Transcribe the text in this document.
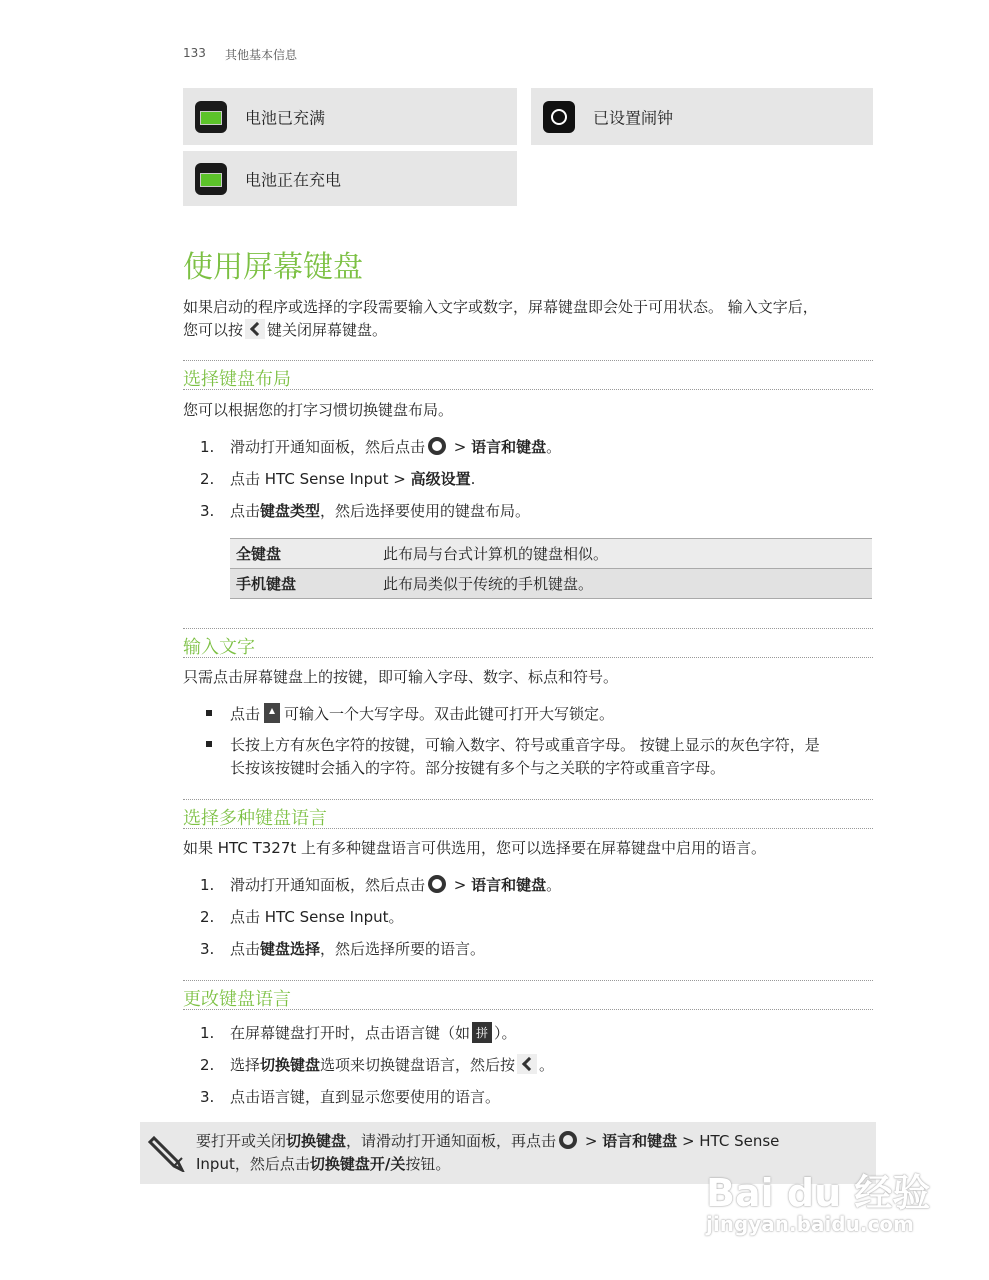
133 其他基本信息
电池已充满	已设置闹钟
电池正在充电
使用屏幕键盘
如果启动的程序或选择的字段需要输入文字或数字，屏幕键盘即会处于可用状态。 输入文字后，
您可以按 键关闭屏幕键盘。
选择键盘布局
您可以根据您的打字习惯切换键盘布局。
1. 滑动打开通知面板，然后点击 > 语言和键盘。
2. 点击 HTC Sense Input > 高级设置.
3. 点击键盘类型，然后选择要使用的键盘布局。
全键盘	此布局与台式计算机的键盘相似。
手机键盘	此布局类似于传统的手机键盘。
输入文字
只需点击屏幕键盘上的按键，即可输入字母、数字、标点和符号。
点击 可输入一个大写字母。双击此键可打开大写锁定。
长按上方有灰色字符的按键，可输入数字、符号或重音字母。 按键上显示的灰色字符，是
长按该按键时会插入的字符。部分按键有多个与之关联的字符或重音字母。
选择多种键盘语言
如果 HTC T327t 上有多种键盘语言可供选用，您可以选择要在屏幕键盘中启用的语言。
1. 滑动打开通知面板，然后点击 > 语言和键盘。
2. 点击 HTC Sense Input。
3. 点击键盘选择，然后选择所要的语言。
更改键盘语言
1. 在屏幕键盘打开时，点击语言键（如 拼 ）。
2. 选择切换键盘选项来切换键盘语言，然后按 。
3. 点击语言键，直到显示您要使用的语言。
要打开或关闭切换键盘，请滑动打开通知面板，再点击 > 语言和键盘 > HTC Sense
Input，然后点击切换键盘开/关按钮。
Bai du 经验
jingyan.baidu.com
